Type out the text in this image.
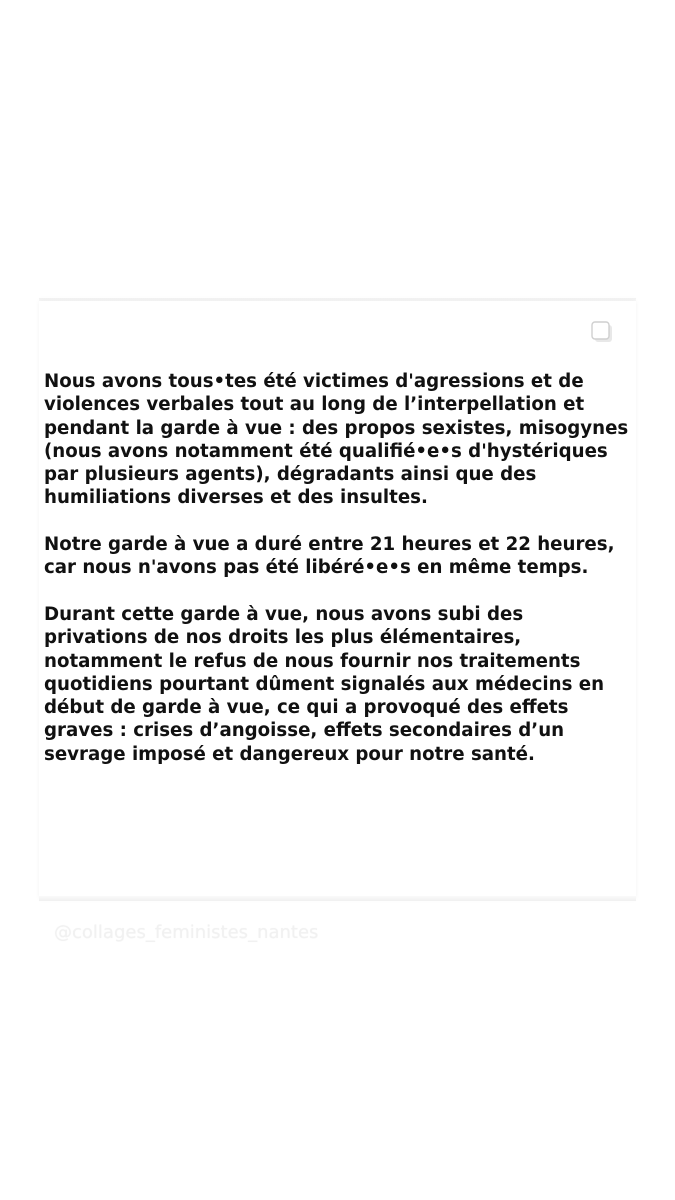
Nous avons tous•tes été victimes d'agressions et de violences verbales tout au long de l’interpellation et pendant la garde à vue : des propos sexistes, misogynes (nous avons notamment été qualifié•e•s d'hystériques par plusieurs agents), dégradants ainsi que des humiliations diverses et des insultes.

Notre garde à vue a duré entre 21 heures et 22 heures, car nous n'avons pas été libéré•e•s en même temps.

Durant cette garde à vue, nous avons subi des privations de nos droits les plus élémentaires, notamment le refus de nous fournir nos traitements quotidiens pourtant dûment signalés aux médecins en début de garde à vue, ce qui a provoqué des effets graves : crises d’angoisse, effets secondaires d’un sevrage imposé et dangereux pour notre santé.

@collages_feministes_nantes
